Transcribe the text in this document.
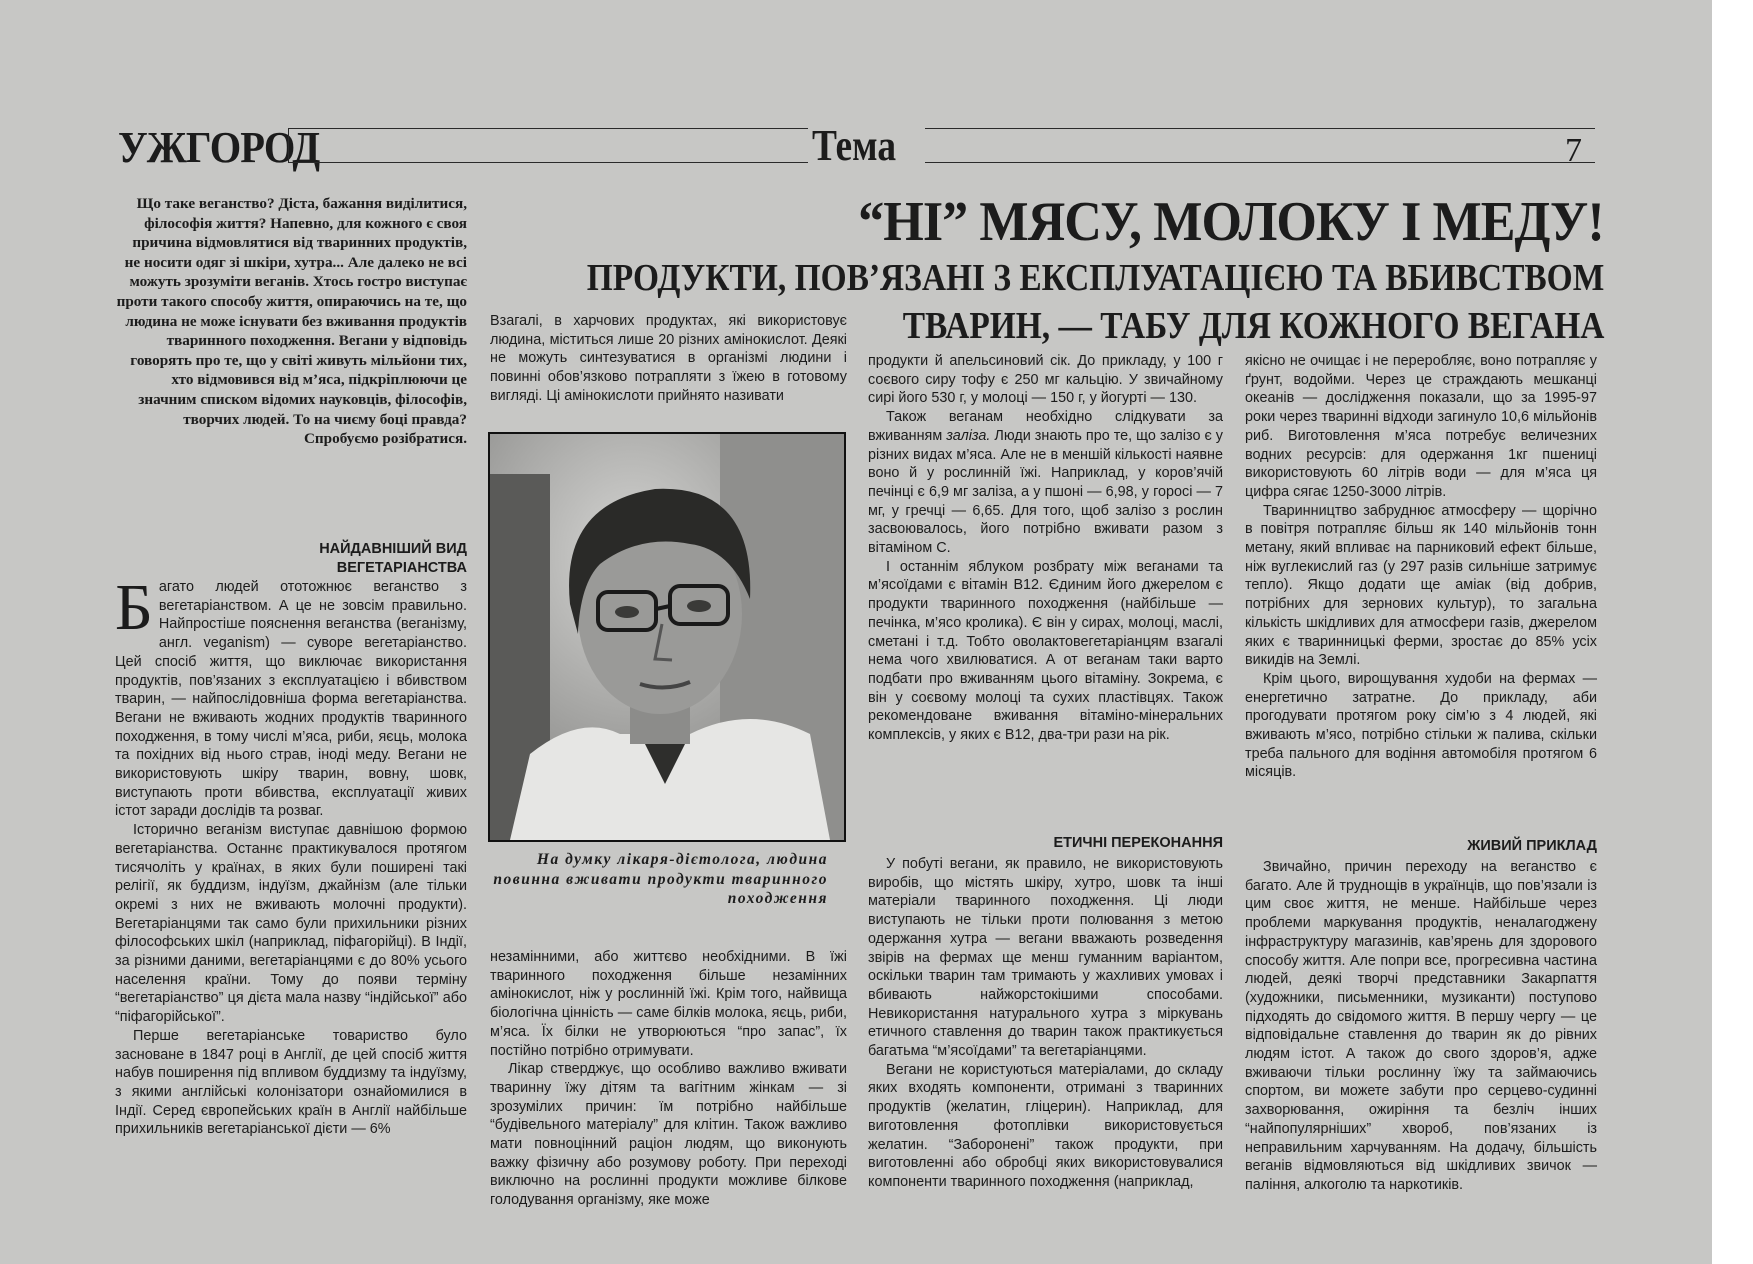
УЖГОРОД	Тема	7
“НІ” МЯСУ, МОЛОКУ І МЕДУ!
ПРОДУКТИ, ПОВ’ЯЗАНІ З ЕКСПЛУАТАЦІЄЮ ТА ВБИВСТВОМ
ТВАРИН, — ТАБУ ДЛЯ КОЖНОГО ВЕГАНА
Що таке веганство? Діста, бажання виділитися, філософія життя? Напевно, для кожного є своя причина відмовлятися від тваринних продуктів, не носити одяг зі шкіри, хутра... Але далеко не всі можуть зрозуміти веганів. Хтось гостро виступає проти такого способу життя, опираючись на те, що людина не може існувати без вживання продуктів тваринного походження. Вегани у відповідь говорять про те, що у світі живуть мільйони тих, хто відмовився від м’яса, підкріплюючи це значним списком відомих науковців, філософів, творчих людей. То на чиєму боці правда? Спробуємо розібратися.
НАЙДАВНІШИЙ ВИД ВЕГЕТАРІАНСТВА

Багато людей ототожнює веганство з вегетаріанством. А це не зовсім правильно. Найпростіше пояснення веганства (веганізму, англ. veganism) — суворе вегетаріанство. Цей спосіб життя, що виключає використання продуктів, пов’язаних з експлуатацією і вбивством тварин, — найпослідовніша форма вегетаріанства. Вегани не вживають жодних продуктів тваринного походження, в тому числі м’яса, риби, яєць, молока та похідних від нього страв, іноді меду. Вегани не використовують шкіру тварин, вовну, шовк, виступають проти вбивства, експлуатації живих істот заради дослідів та розваг.

Історично веганізм виступає давнішою формою вегетаріанства. Останнє практикувалося протягом тисячоліть у країнах, в яких були поширені такі релігії, як буддизм, індуїзм, джайнізм (але тільки окремі з них не вживають молочні продукти). Вегетаріанцями так само були прихильники різних філософських шкіл (наприклад, піфагорійці). В Індії, за різними даними, вегетаріанцями є до 80% усього населення країни. Тому до появи терміну “вегетаріанство” ця дієта мала назву “індійської” або “піфагорійської”.

Перше вегетаріанське товариство було засноване в 1847 році в Англії, де цей спосіб життя набув поширення під впливом буддизму та індуїзму, з якими англійські колонізатори ознайомилися в Індії. Серед європейських країн в Англії найбільше прихильників вегетаріанської дієти — 6%

Взагалі, в харчових продуктах, які використовує людина, міститься лише 20 різних амінокислот. Деякі не можуть синтезуватися в організмі людини і повинні обов’язково потрапляти з їжею в готовому вигляді. Ці амінокислоти прийнято називати

На думку лікаря-дієтолога, людина повинна вживати продукти тваринного походження

незамінними, або життєво необхідними. В їжі тваринного походження більше незамінних амінокислот, ніж у рослинній їжі. Крім того, найвища біологічна цінність — саме білків молока, яєць, риби, м’яса. Їх білки не утворюються “про запас”, їх постійно потрібно отримувати.

Лікар стверджує, що особливо важливо вживати тваринну їжу дітям та вагітним жінкам — зі зрозумілих причин: їм потрібно найбільше “будівельного матеріалу” для клітин. Також важливо мати повноцінний раціон людям, що виконують важку фізичну або розумову роботу. При переході виключно на рослинні продукти можливе білкове голодування організму, яке може

продукти й апельсиновий сік. До прикладу, у 100 г соєвого сиру тофу є 250 мг кальцію. У звичайному сирі його 530 г, у молоці — 150 г, у йогурті — 130.

Також веганам необхідно слідкувати за вживанням заліза. Люди знають про те, що залізо є у різних видах м’яса. Але не в меншій кількості наявне воно й у рослинній їжі. Наприклад, у коров’ячій печінці є 6,9 мг заліза, а у пшоні — 6,98, у горосі — 7 мг, у гречці — 6,65. Для того, щоб залізо з рослин засвоювалось, його потрібно вживати разом з вітаміном С.

І останнім яблуком розбрату між веганами та м’ясоїдами є вітамін В12. Єдиним його джерелом є продукти тваринного походження (найбільше — печінка, м’ясо кролика). Є він у сирах, молоці, маслі, сметані і т.д. Тобто оволактовегетаріанцям взагалі нема чого хвилюватися. А от веганам таки варто подбати про вживанням цього вітаміну. Зокрема, є він у соєвому молоці та сухих пластівцях. Також рекомендоване вживання вітаміно-мінеральних комплексів, у яких є В12, два-три рази на рік.

ЕТИЧНІ ПЕРЕКОНАННЯ

У побуті вегани, як правило, не використовують виробів, що містять шкіру, хутро, шовк та інші матеріали тваринного походження. Ці люди виступають не тільки проти полювання з метою одержання хутра — вегани вважають розведення звірів на фермах ще менш гуманним варіантом, оскільки тварин там тримають у жахливих умовах і вбивають найжорстокішими способами. Невикористання натурального хутра з міркувань етичного ставлення до тварин також практикується багатьма “м’ясоїдами” та вегетаріанцями.

Вегани не користуються матеріалами, до складу яких входять компоненти, отримані з тваринних продуктів (желатин, гліцерин). Наприклад, для виготовлення фотоплівки використовується желатин. “Заборонені” також продукти, при виготовленні або обробці яких використовувалися компоненти тваринного походження (наприклад,

якісно не очищає і не переробляє, воно потрапляє у ґрунт, водойми. Через це страждають мешканці океанів — дослідження показали, що за 1995-97 роки через тваринні відходи загинуло 10,6 мільйонів риб. Виготовлення м’яса потребує величезних водних ресурсів: для одержання 1кг пшениці використовують 60 літрів води — для м’яса ця цифра сягає 1250-3000 літрів.

Тваринництво забруднює атмосферу — щорічно в повітря потрапляє більш як 140 мільйонів тонн метану, який впливає на парниковий ефект більше, ніж вуглекислий газ (у 297 разів сильніше затримує тепло). Якщо додати ще аміак (від добрив, потрібних для зернових культур), то загальна кількість шкідливих для атмосфери газів, джерелом яких є тваринницькі ферми, зростає до 85% усіх викидів на Землі.

Крім цього, вирощування худоби на фермах — енергетично затратне. До прикладу, аби прогодувати протягом року сім’ю з 4 людей, які вживають м’ясо, потрібно стільки ж палива, скільки треба пального для водіння автомобіля протягом 6 місяців.

ЖИВИЙ ПРИКЛАД

Звичайно, причин переходу на веганство є багато. Але й труднощів в українців, що пов’язали із цим своє життя, не менше. Найбільше через проблеми маркування продуктів, неналагоджену інфраструктуру магазинів, кав’ярень для здорового способу життя. Але попри все, прогресивна частина людей, деякі творчі представники Закарпаття (художники, письменники, музиканти) поступово підходять до свідомого життя. В першу чергу — це відповідальне ставлення до тварин як до рівних людям істот. А також до свого здоров’я, адже вживаючи тільки рослинну їжу та займаючись спортом, ви можете забути про серцево-судинні захворювання, ожиріння та безліч інших “найпопулярніших” хвороб, пов’язаних із неправильним харчуванням. На додачу, більшість веганів відмовляються від шкідливих звичок — паління, алкоголю та наркотиків.
